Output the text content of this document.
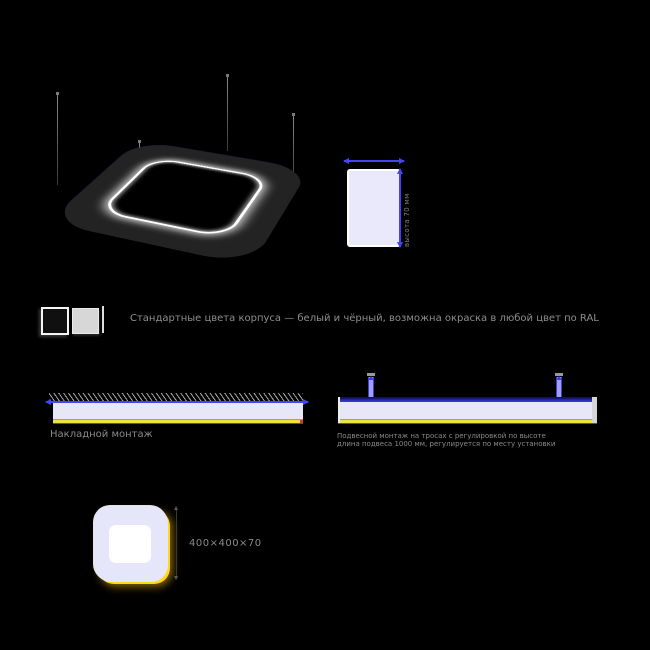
высота 70 мм
Стандартные цвета корпуса — белый и чёрный, возможна окраска в любой цвет по RAL
Накладной монтаж	Подвесной монтаж на тросах с регулировкой по высоте
длина подвеса 1000 мм, регулируется по месту установки
400×400×70
